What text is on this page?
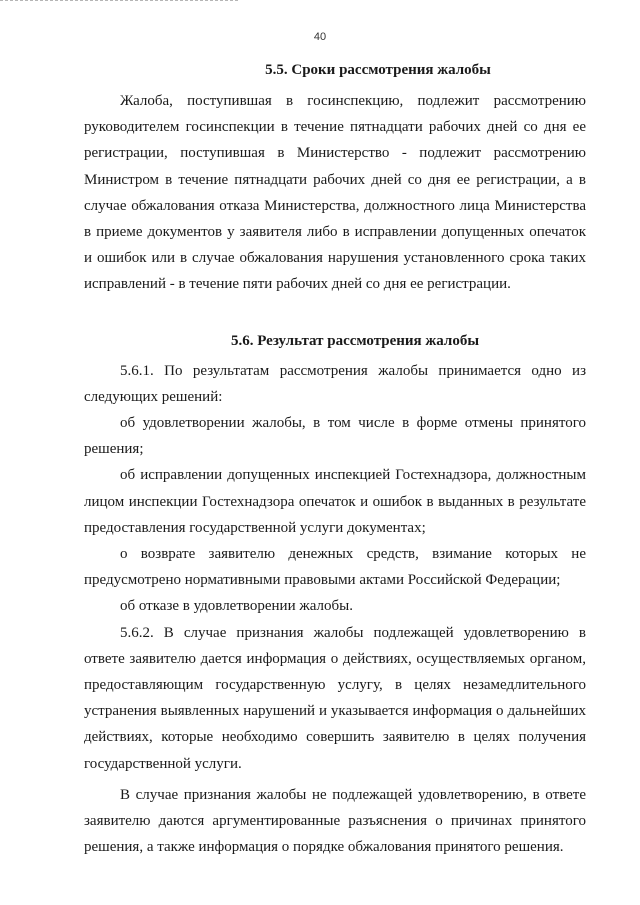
40
5.5. Сроки рассмотрения жалобы

Жалоба, поступившая в госинспекцию, подлежит рассмотрению руководителем госинспекции в течение пятнадцати рабочих дней со дня ее регистрации, поступившая в Министерство - подлежит рассмотрению Министром в течение пятнадцати рабочих дней со дня ее регистрации, а в случае обжалования отказа Министерства, должностного лица Министерства в приеме документов у заявителя либо в исправлении допущенных опечаток и ошибок или в случае обжалования нарушения установленного срока таких исправлений - в течение пяти рабочих дней со дня ее регистрации.

5.6. Результат рассмотрения жалобы

5.6.1. По результатам рассмотрения жалобы принимается одно из следующих решений:

об удовлетворении жалобы, в том числе в форме отмены принятого решения;

об исправлении допущенных инспекцией Гостехнадзора, должностным лицом инспекции Гостехнадзора опечаток и ошибок в выданных в результате предоставления государственной услуги документах;

о возврате заявителю денежных средств, взимание которых не предусмотрено нормативными правовыми актами Российской Федерации;

об отказе в удовлетворении жалобы.

5.6.2. В случае признания жалобы подлежащей удовлетворению в ответе заявителю дается информация о действиях, осуществляемых органом, предоставляющим государственную услугу, в целях незамедлительного устранения выявленных нарушений и указывается информация о дальнейших действиях, которые необходимо совершить заявителю в целях получения государственной услуги.

В случае признания жалобы не подлежащей удовлетворению, в ответе заявителю даются аргументированные разъяснения о причинах принятого решения, а также информация о порядке обжалования принятого решения.
